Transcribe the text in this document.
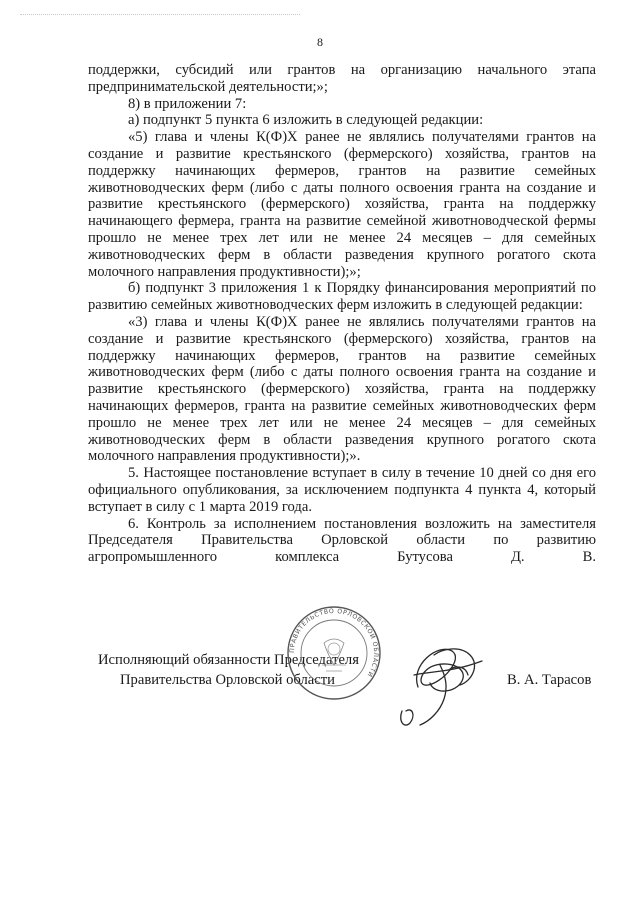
8

поддержки, субсидий или грантов на организацию начального этапа предпринимательской деятельности;»;

8) в приложении 7:

а) подпункт 5 пункта 6 изложить в следующей редакции:

«5) глава и члены К(Ф)Х ранее не являлись получателями грантов на создание и развитие крестьянского (фермерского) хозяйства, грантов на поддержку начинающих фермеров, грантов на развитие семейных животноводческих ферм (либо с даты полного освоения гранта на создание и развитие крестьянского (фермерского) хозяйства, гранта на поддержку начинающего фермера, гранта на развитие семейной животноводческой фермы прошло не менее трех лет или не менее 24 месяцев – для семейных животноводческих ферм в области разведения крупного рогатого скота молочного направления продуктивности);»;

б) подпункт 3 приложения 1 к Порядку финансирования мероприятий по развитию семейных животноводческих ферм изложить в следующей редакции:

«3) глава и члены К(Ф)Х ранее не являлись получателями грантов на создание и развитие крестьянского (фермерского) хозяйства, грантов на поддержку начинающих фермеров, грантов на развитие семейных животноводческих ферм (либо с даты полного освоения гранта на создание и развитие крестьянского (фермерского) хозяйства, гранта на поддержку начинающих фермеров, гранта на развитие семейных животноводческих ферм прошло не менее трех лет или не менее 24 месяцев – для семейных животноводческих ферм в области разведения крупного рогатого скота молочного направления продуктивности);».

5. Настоящее постановление вступает в силу в течение 10 дней со дня его официального опубликования, за исключением подпункта 4 пункта 4, который вступает в силу с 1 марта 2019 года.

6. Контроль за исполнением постановления возложить на заместителя Председателя Правительства Орловской области по развитию агропромышленного комплекса Бутусова Д. В.

Исполняющий обязанности Председателя
Правительства Орловской области	В. А. Тарасов
ПРАВИТЕЛЬСТВО ОРЛОВСКОЙ ОБЛАСТИ
